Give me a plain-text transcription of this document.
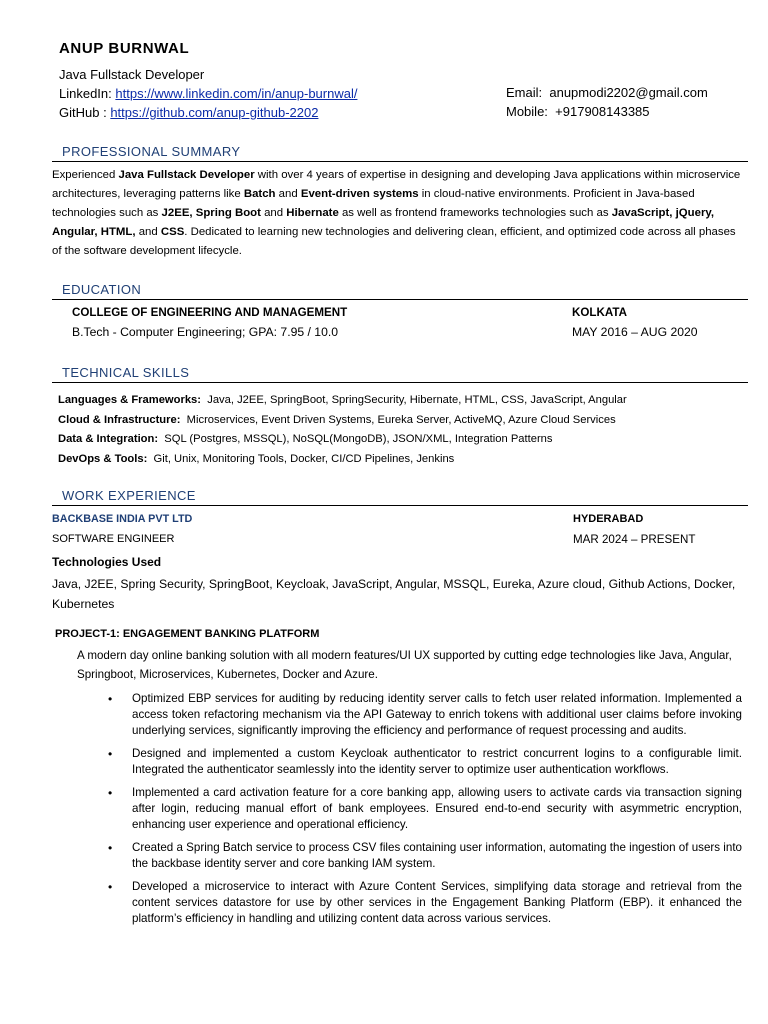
ANUP BURNWAL
Java Fullstack Developer
LinkedIn: https://www.linkedin.com/in/anup-burnwal/
GitHub : https://github.com/anup-github-2202
Email: anupmodi2202@gmail.com
Mobile: +917908143385
PROFESSIONAL SUMMARY
Experienced Java Fullstack Developer with over 4 years of expertise in designing and developing Java applications within microservice architectures, leveraging patterns like Batch and Event-driven systems in cloud-native environments. Proficient in Java-based technologies such as J2EE, Spring Boot and Hibernate as well as frontend frameworks technologies such as JavaScript, jQuery, Angular, HTML, and CSS. Dedicated to learning new technologies and delivering clean, efficient, and optimized code across all phases of the software development lifecycle.
EDUCATION
COLLEGE OF ENGINEERING AND MANAGEMENT	KOLKATA
B.Tech - Computer Engineering; GPA: 7.95 / 10.0	MAY 2016 – AUG 2020
TECHNICAL SKILLS
Languages & Frameworks: Java, J2EE, SpringBoot, SpringSecurity, Hibernate, HTML, CSS, JavaScript, Angular
Cloud & Infrastructure: Microservices, Event Driven Systems, Eureka Server, ActiveMQ, Azure Cloud Services
Data & Integration: SQL (Postgres, MSSQL), NoSQL(MongoDB), JSON/XML, Integration Patterns
DevOps & Tools: Git, Unix, Monitoring Tools, Docker, CI/CD Pipelines, Jenkins
WORK EXPERIENCE
BACKBASE INDIA PVT LTD	HYDERABAD
SOFTWARE ENGINEER	MAR 2024 – PRESENT
Technologies Used
Java, J2EE, Spring Security, SpringBoot, Keycloak, JavaScript, Angular, MSSQL, Eureka, Azure cloud, Github Actions, Docker, Kubernetes
PROJECT-1: ENGAGEMENT BANKING PLATFORM
A modern day online banking solution with all modern features/UI UX supported by cutting edge technologies like Java, Angular, Springboot, Microservices, Kubernetes, Docker and Azure.
• Optimized EBP services for auditing by reducing identity server calls to fetch user related information. Implemented a access token refactoring mechanism via the API Gateway to enrich tokens with additional user claims before invoking underlying services, significantly improving the efficiency and performance of request processing and audits.
• Designed and implemented a custom Keycloak authenticator to restrict concurrent logins to a configurable limit. Integrated the authenticator seamlessly into the identity server to optimize user authentication workflows.
• Implemented a card activation feature for a core banking app, allowing users to activate cards via transaction signing after login, reducing manual effort of bank employees. Ensured end-to-end security with asymmetric encryption, enhancing user experience and operational efficiency.
• Created a Spring Batch service to process CSV files containing user information, automating the ingestion of users into the backbase identity server and core banking IAM system.
• Developed a microservice to interact with Azure Content Services, simplifying data storage and retrieval from the content services datastore for use by other services in the Engagement Banking Platform (EBP). it enhanced the platform’s efficiency in handling and utilizing content data across various services.
